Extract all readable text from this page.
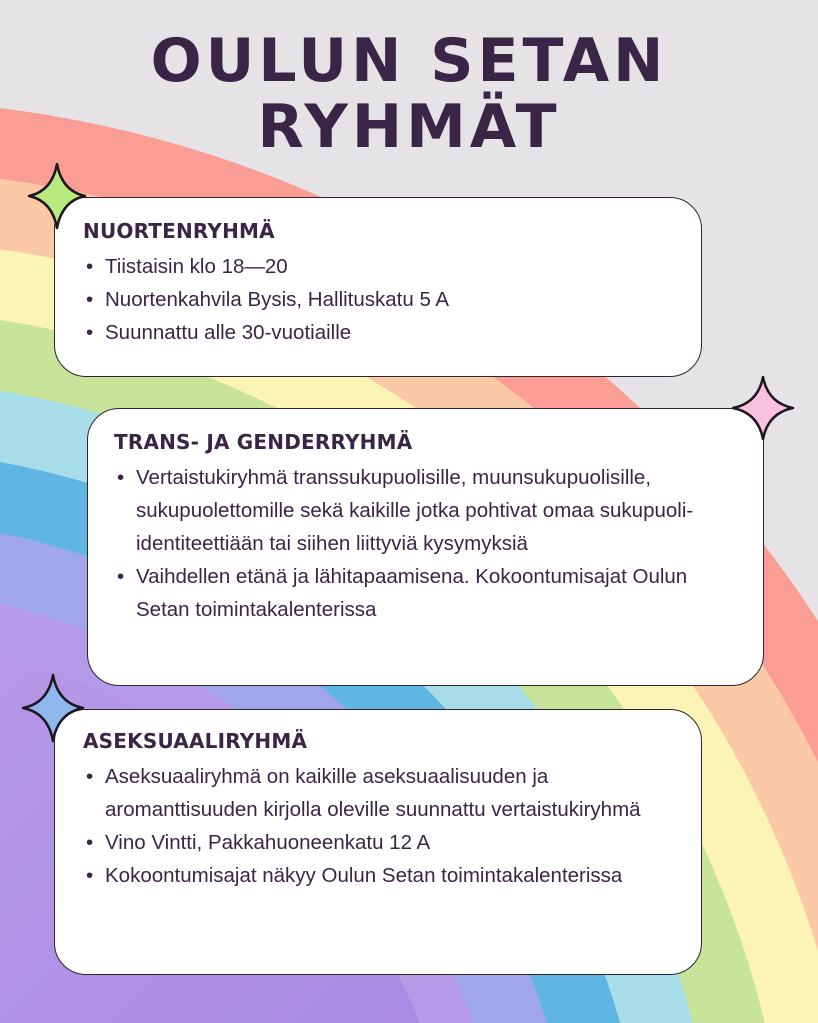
OULUN SETAN
RYHMÄT
NUORTENRYHMÄ
• Tiistaisin klo 18—20
• Nuortenkahvila Bysis, Hallituskatu 5 A
• Suunnattu alle 30-vuotiaille
TRANS- JA GENDERRYHMÄ
• Vertaistukiryhmä transsukupuolisille, muunsukupuolisille, sukupuolettomille sekä kaikille jotka pohtivat omaa sukupuoli-identiteettiään tai siihen liittyviä kysymyksiä
• Vaihdellen etänä ja lähitapaamisena. Kokoontumisajat Oulun Setan toimintakalenterissa
ASEKSUAALIRYHMÄ
• Aseksuaaliryhmä on kaikille aseksuaalisuuden ja aromanttisuuden kirjolla oleville suunnattu vertaistukiryhmä
• Vino Vintti, Pakkahuoneenkatu 12 A
• Kokoontumisajat näkyy Oulun Setan toimintakalenterissa
